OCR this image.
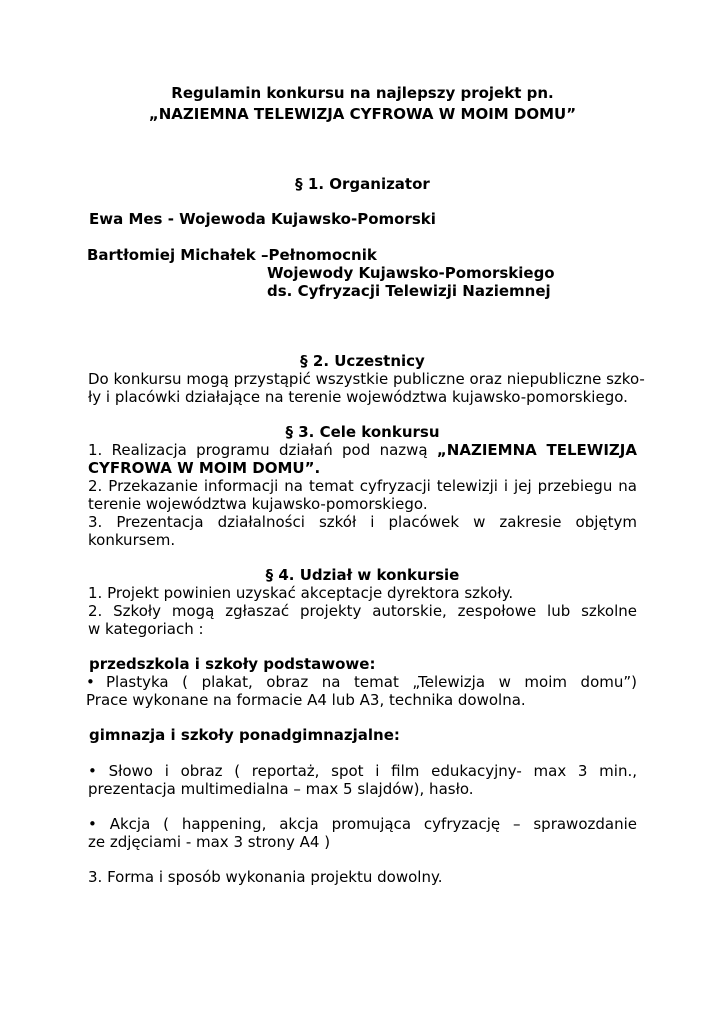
Regulamin konkursu na najlepszy projekt pn.
„NAZIEMNA TELEWIZJA CYFROWA W MOIM DOMU”
§ 1. Organizator
Ewa Mes - Wojewoda Kujawsko-Pomorski
Bartłomiej Michałek –Pełnomocnik
Wojewody Kujawsko-Pomorskiego
ds. Cyfryzacji Telewizji Naziemnej
§ 2. Uczestnicy
Do konkursu mogą przystąpić wszystkie publiczne oraz niepubliczne szko-
ły i placówki działające na terenie województwa kujawsko-pomorskiego.
§ 3. Cele konkursu
1. Realizacja programu działań pod nazwą „NAZIEMNA TELEWIZJA
CYFROWA W MOIM DOMU”.
2. Przekazanie informacji na temat cyfryzacji telewizji i jej przebiegu na
terenie województwa kujawsko-pomorskiego.
3. Prezentacja działalności szkół i placówek w zakresie objętym
konkursem.
§ 4. Udział w konkursie
1. Projekt powinien uzyskać akceptacje dyrektora szkoły.
2. Szkoły mogą zgłaszać projekty autorskie, zespołowe lub szkolne
w kategoriach :
przedszkola i szkoły podstawowe:
• Plastyka ( plakat, obraz na temat „Telewizja w moim domu”)
Prace wykonane na formacie A4 lub A3, technika dowolna.
gimnazja i szkoły ponadgimnazjalne:
• Słowo i obraz ( reportaż, spot i film edukacyjny- max 3 min.,
prezentacja multimedialna – max 5 slajdów), hasło.
• Akcja ( happening, akcja promująca cyfryzację – sprawozdanie
ze zdjęciami - max 3 strony A4 )
3. Forma i sposób wykonania projektu dowolny.
